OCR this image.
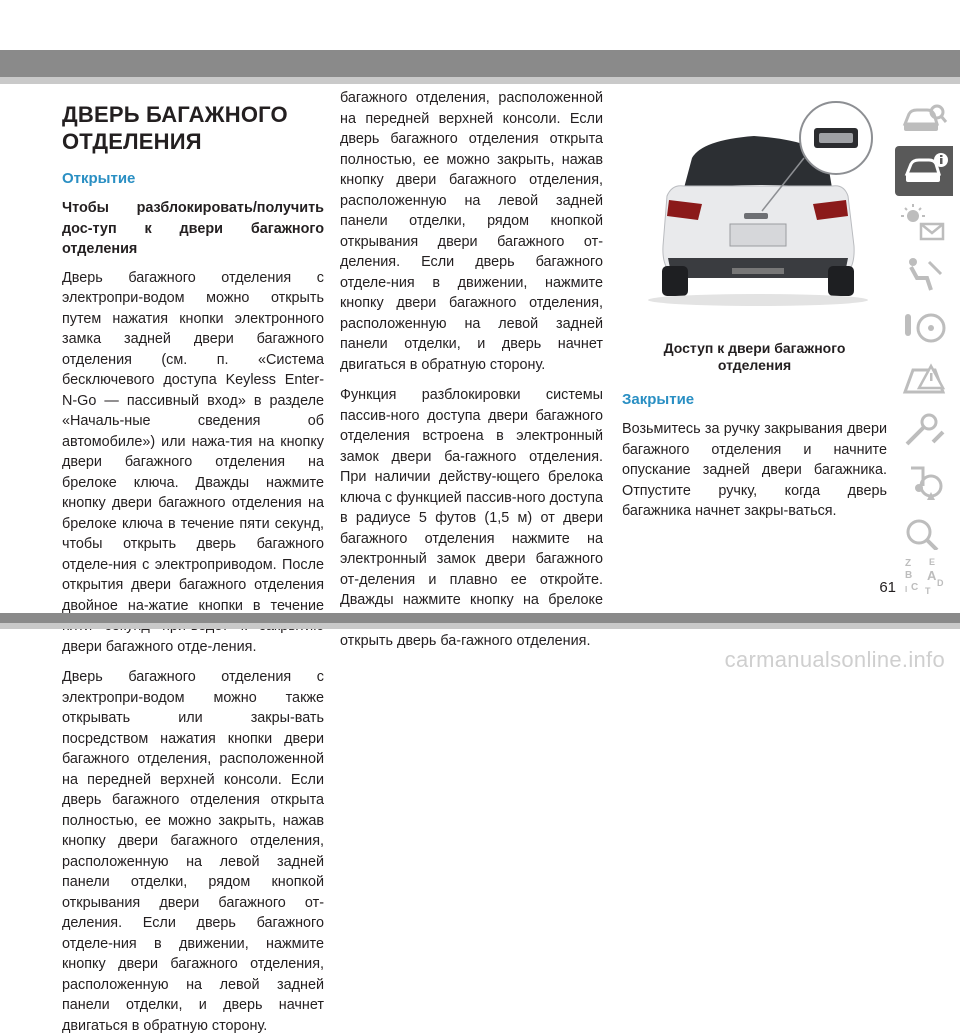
ДВЕРЬ БАГАЖНОГО
ОТДЕЛЕНИЯ
Открытие
Чтобы разблокировать/получить дос-туп к двери багажного отделения

Дверь багажного отделения с электропри-водом можно открыть путем нажатия кнопки электронного замка задней двери багажного отделения (см. п. «Система бесключевого доступа Keyless Enter-N-Go — пассивный вход» в разделе «Началь-ные сведения об автомобиле») или нажа-тия на кнопку двери багажного отделения на брелоке ключа. Дважды нажмите кнопку двери багажного отделения на брелоке ключа в течение пяти секунд, чтобы открыть дверь багажного отделе-ния с электроприводом. После открытия двери багажного отделения двойное на-жатие кнопки в течение двери багажного отде-ления.

Дверь багажного отделения с электропри-водом можно также открывать или закры-вать посредством нажатия кнопки двери багажного отделения, расположенной на передней верхней консоли. Если дверь багажного отделения открыта полностью, ее можно закрыть, нажав кнопку двери багажного отделения, расположенную на левой задней панели отделки, рядом кнопкой открывания двери багажного от-деления. Если дверь багажного отделе-ния в движении, нажмите кнопку двери багажного отделения, расположенную на левой задней панели отделки, и дверь начнет двигаться в обратную сторону.

багажного отделения, расположенной на передней верхней консоли. Если дверь багажного отделения открыта полностью, ее можно закрыть, нажав кнопку двери багажного отделения, расположенную на левой задней панели отделки, рядом кнопкой открывания двери багажного от-деления. Если дверь багажного отделе-ния в движении, нажмите кнопку двери багажного отделения, расположенную на левой задней панели отделки, и дверь начнет двигаться в обратную сторону.

Функция разблокировки системы пассив-ного доступа двери багажного отделения встроена в электронный замок двери ба-гажного отделения. При наличии действу-ющего брелока ключа с функцией пассив-ного доступа в радиусе 5 футов (1,5 м) от двери багажного отделения нажмите на электронный замок двери багажного от-деления и плавно ее откройте. Дважды нажмите кнопку на брелоке открыть дверь ба-гажного отделения.

Доступ к двери багажного
отделения
Закрытие

Возьмитесь за ручку закрывания двери багажного отделения и начните опускание задней двери багажника. Отпустите ручку, когда дверь багажника начнет закры-ваться.

Z E
B A
C D
I T
61
carmanualsonline.info
